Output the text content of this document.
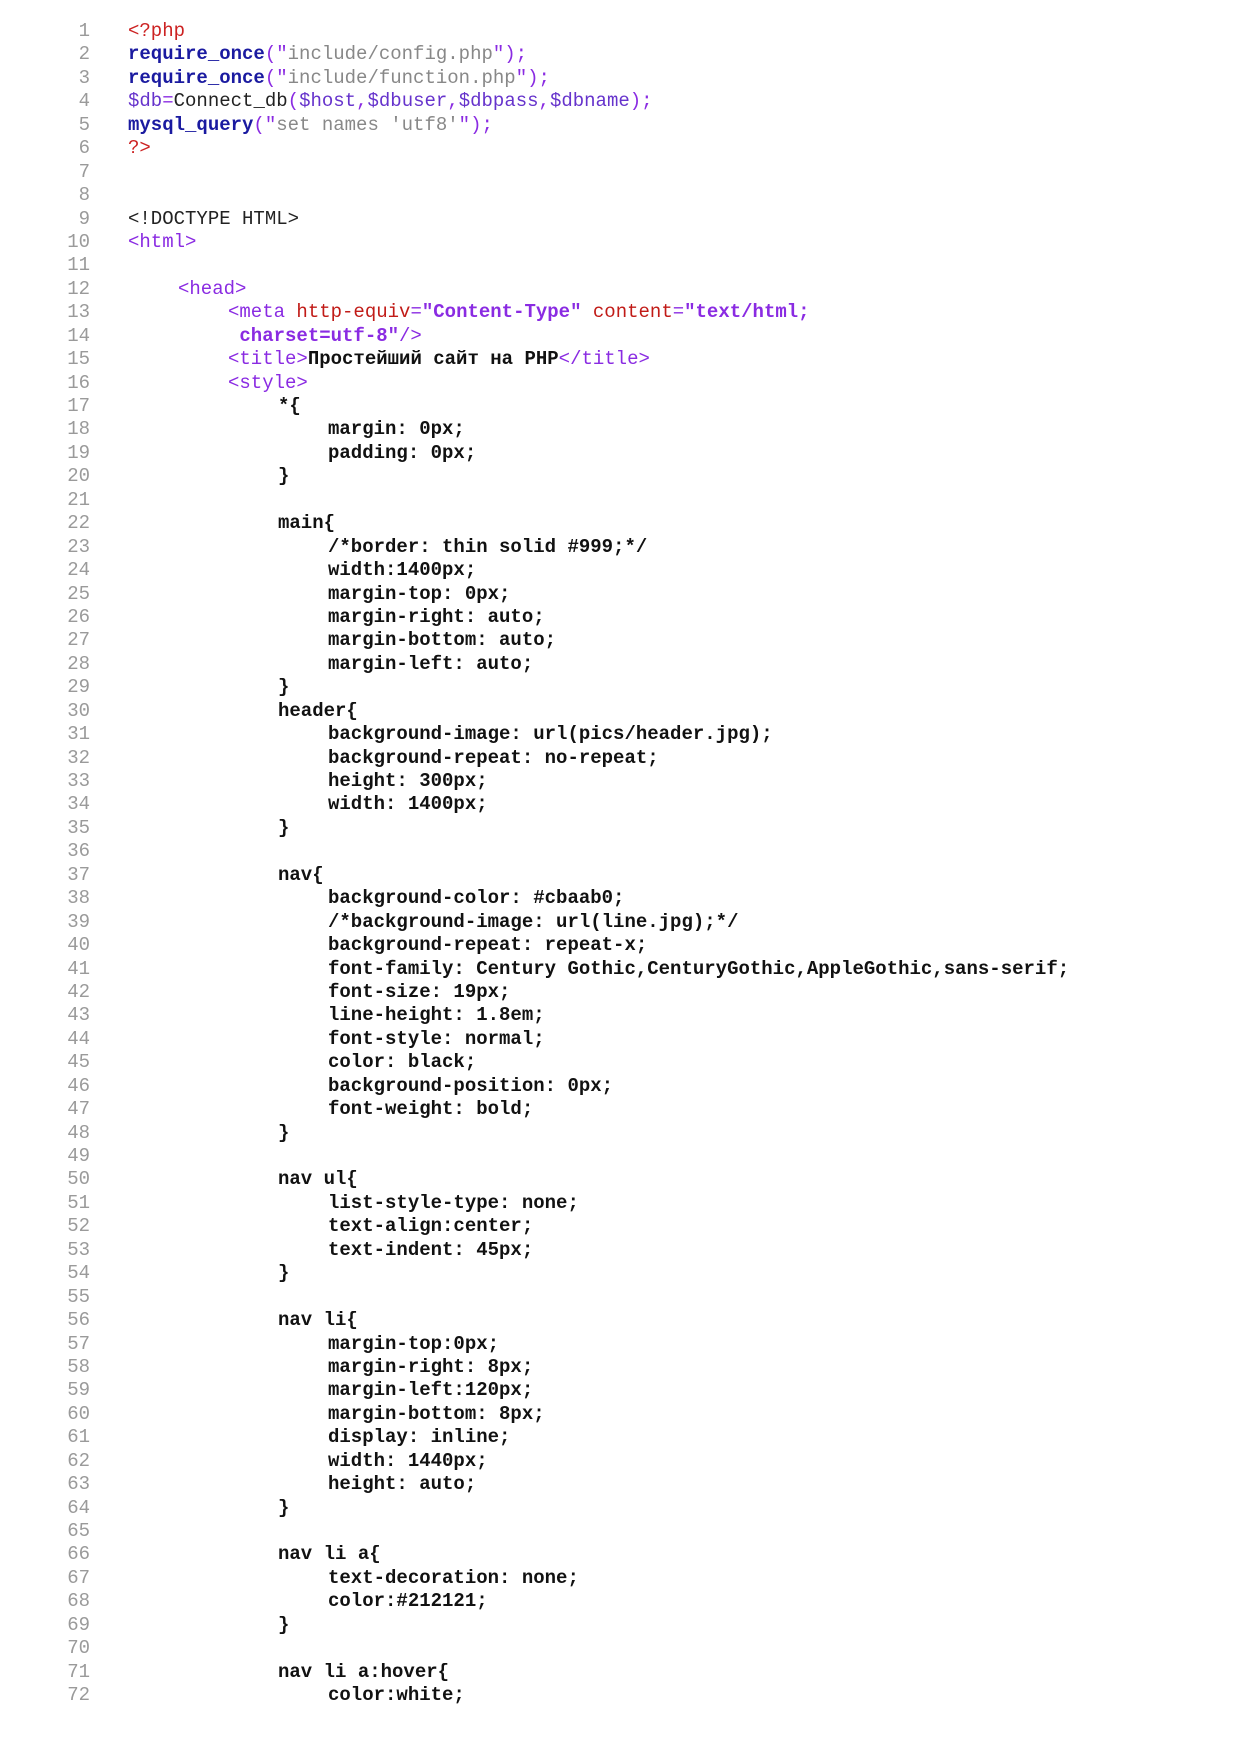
1 <?php
2 require_once("include/config.php");
3 require_once("include/function.php");
4 $db=Connect_db($host,$dbuser,$dbpass,$dbname);
5 mysql_query("set names 'utf8'");
6 ?>
7
8
9 <!DOCTYPE HTML>
10 <html>
11
12	<head>
13	<meta http-equiv="Content-Type" content="text/html;
14	charset=utf-8"/>
15	<title>Простейший сайт на PHP</title>
16	<style>
17	*{
18	margin: 0px;
19	padding: 0px;
20	}
21
22	main{
23	/*border: thin solid #999;*/
24	width:1400px;
25	margin-top: 0px;
26	margin-right: auto;
27	margin-bottom: auto;
28	margin-left: auto;
29	}
30	header{
31	background-image: url(pics/header.jpg);
32	background-repeat: no-repeat;
33	height: 300px;
34	width: 1400px;
35	}
36
37	nav{
38	background-color: #cbaab0;
39	/*background-image: url(line.jpg);*/
40	background-repeat: repeat-x;
41	font-family: Century Gothic,CenturyGothic,AppleGothic,sans-serif;
42	font-size: 19px;
43	line-height: 1.8em;
44	font-style: normal;
45	color: black;
46	background-position: 0px;
47	font-weight: bold;
48	}
49
50	nav ul{
51	list-style-type: none;
52	text-align:center;
53	text-indent: 45px;
54	}
55
56	nav li{
57	margin-top:0px;
58	margin-right: 8px;
59	margin-left:120px;
60	margin-bottom: 8px;
61	display: inline;
62	width: 1440px;
63	height: auto;
64	}
65
66	nav li a{
67	text-decoration: none;
68	color:#212121;
69	}
70
71	nav li a:hover{
72	color:white;
